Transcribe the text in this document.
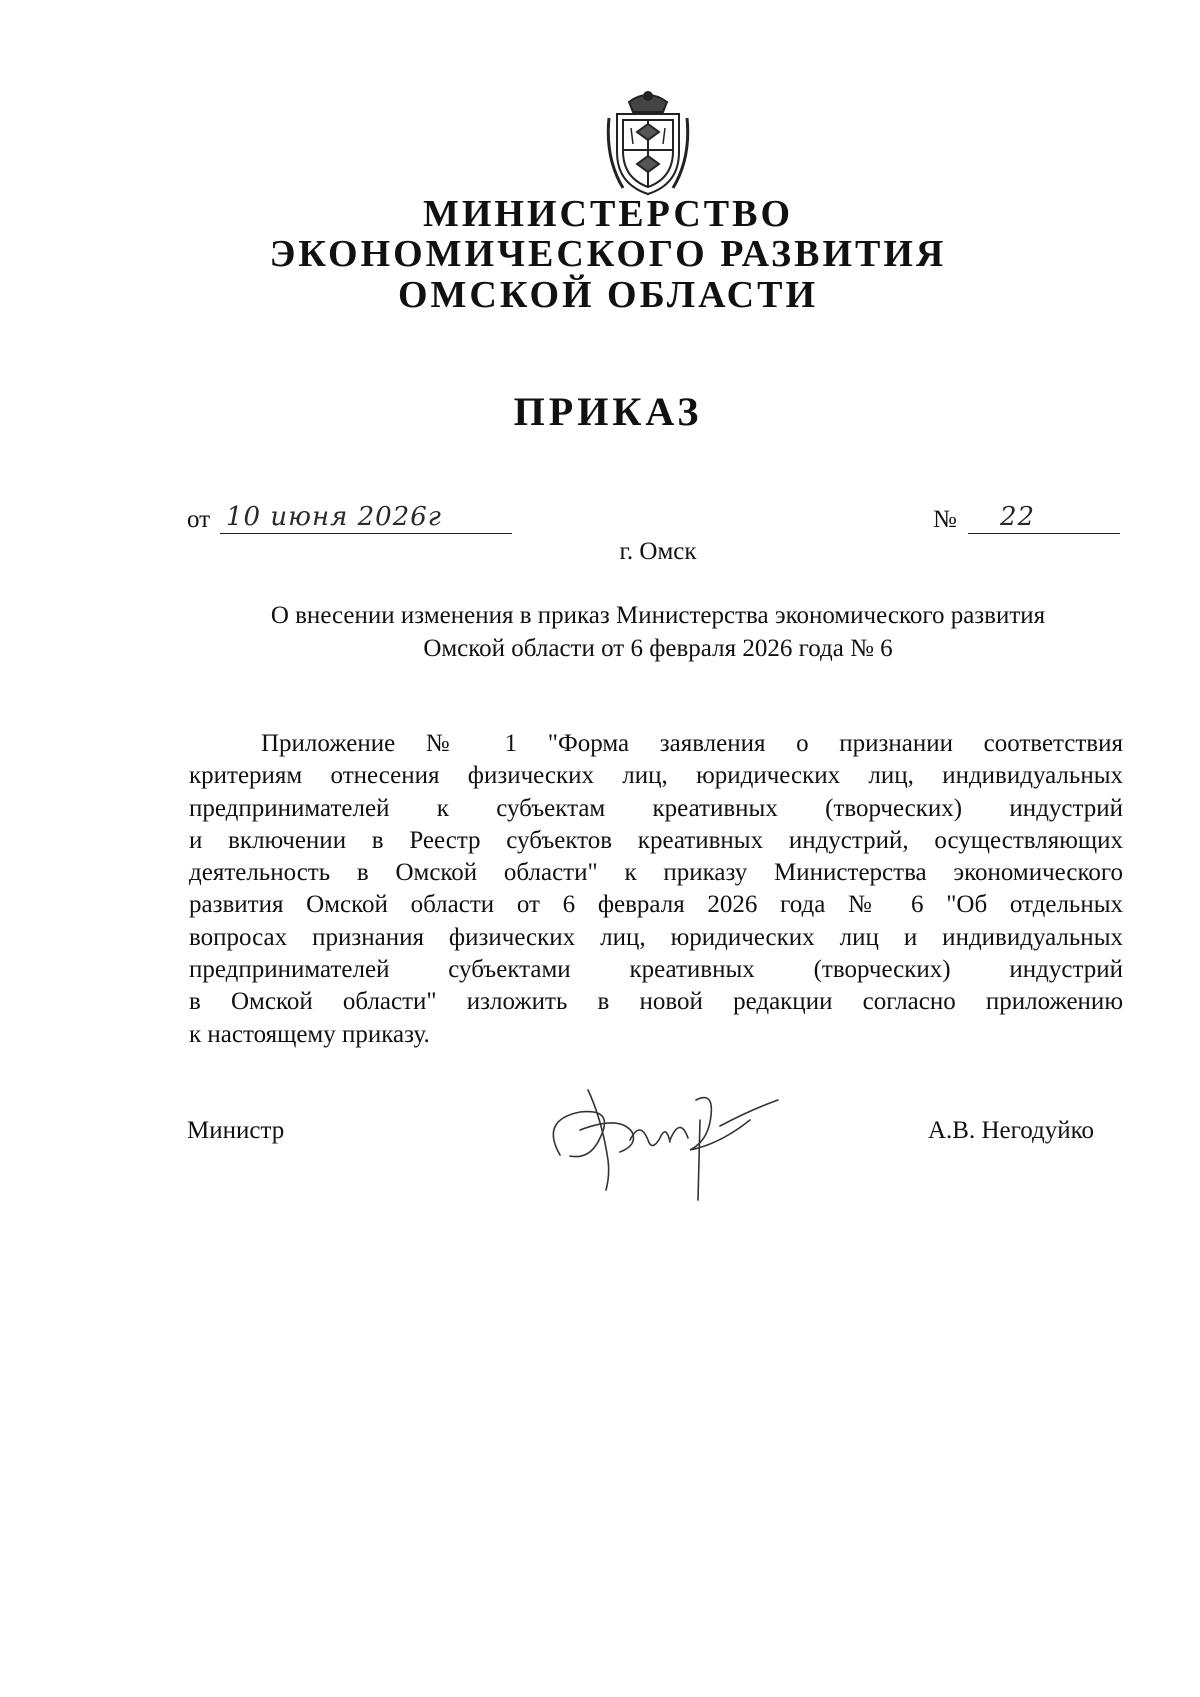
МИНИСТЕРСТВО
ЭКОНОМИЧЕСКОГО РАЗВИТИЯ
ОМСКОЙ ОБЛАСТИ
ПРИКАЗ
от 10 июня 2026г	№ 22
г. Омск
О внесении изменения в приказ Министерства экономического развития
Омской области от 6 февраля 2026 года № 6
Приложение № 1 "Форма заявления о признании соответствия
критериям отнесения физических лиц, юридических лиц, индивидуальных
предпринимателей к субъектам креативных (творческих) индустрий
и включении в Реестр субъектов креативных индустрий, осуществляющих
деятельность в Омской области" к приказу Министерства экономического
развития Омской области от 6 февраля 2026 года № 6 "Об отдельных
вопросах признания физических лиц, юридических лиц и индивидуальных
предпринимателей субъектами креативных (творческих) индустрий
в Омской области" изложить в новой редакции согласно приложению
к настоящему приказу.
Министр	А.В. Негодуйко
